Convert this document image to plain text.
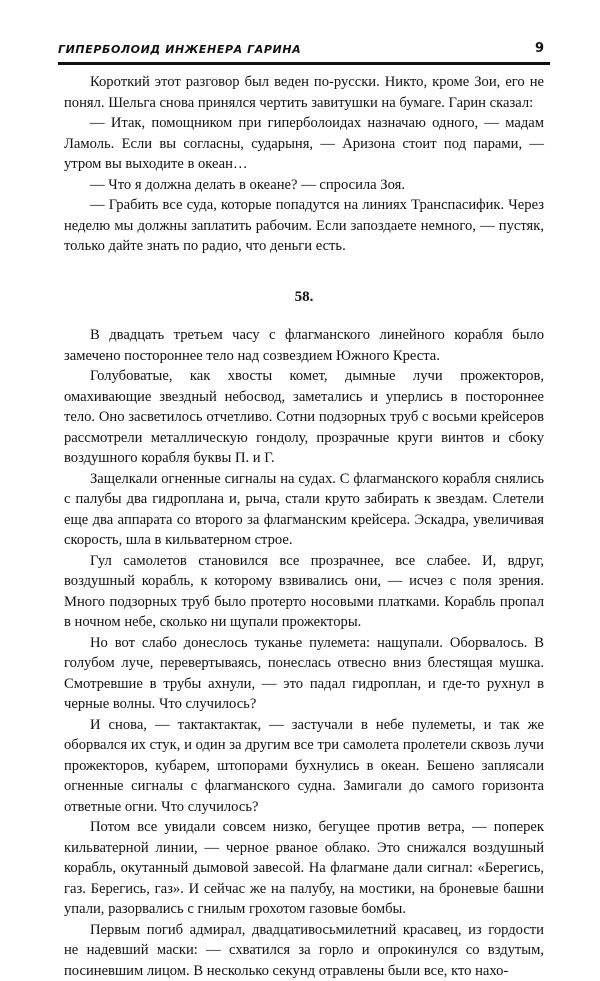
ГИПЕРБОЛОИД ИНЖЕНЕРА ГАРИНА	9

Короткий этот разговор был веден по-русски. Никто, кроме Зои, его не понял. Шельга снова принялся чертить завитушки на бумаге. Гарин сказал:

— Итак, помощником при гиперболоидах назначаю одного, — мадам Ламоль. Если вы согласны, сударыня, — Аризона стоит под парами, — утром вы выходите в океан…

— Что я должна делать в океане? — спросила Зоя.

— Грабить все суда, которые попадутся на линиях Транспасифик. Через неделю мы должны заплатить рабочим. Если запоздаете немного, — пустяк, только дайте знать по радио, что деньги есть.

58.

В двадцать третьем часу с флагманского линейного корабля было замечено постороннее тело над созвездием Южного Креста.

Голубоватые, как хвосты комет, дымные лучи прожекторов, омахивающие звездный небосвод, заметались и уперлись в постороннее тело. Оно засветилось отчетливо. Сотни подзорных труб с восьми крейсеров рассмотрели металлическую гондолу, прозрачные круги винтов и сбоку воздушного корабля буквы П. и Г.

Защелкали огненные сигналы на судах. С флагманского корабля снялись с палубы два гидроплана и, рыча, стали круто забирать к звездам. Слетели еще два аппарата со второго за флагманским крейсера. Эскадра, увеличивая скорость, шла в кильватерном строе.

Гул самолетов становился все прозрачнее, все слабее. И, вдруг, воздушный корабль, к которому взвивались они, — исчез с поля зрения. Много подзорных труб было протерто носовыми платками. Корабль пропал в ночном небе, сколько ни щупали прожекторы.

Но вот слабо донеслось туканье пулемета: нащупали. Оборвалось. В голубом луче, перевертываясь, понеслась отвесно вниз блестящая мушка. Смотревшие в трубы ахнули, — это падал гидроплан, и где-то рухнул в черные волны. Что случилось?

И снова, — тактактактак, — застучали в небе пулеметы, и так же оборвался их стук, и один за другим все три самолета пролетели сквозь лучи прожекторов, кубарем, штопорами бухнулись в океан. Бешено заплясали огненные сигналы с флагманского судна. Замигали до самого горизонта ответные огни. Что случилось?

Потом все увидали совсем низко, бегущее против ветра, — поперек кильватерной линии, — черное рваное облако. Это снижался воздушный корабль, окутанный дымовой завесой. На флагмане дали сигнал: «Берегись, газ. Берегись, газ». И сейчас же на палубу, на мостики, на броневые башни упали, разорвались с гнилым грохотом газовые бомбы.

Первым погиб адмирал, двадцативосьмилетний красавец, из гордости не надевший маски: — схватился за горло и опрокинулся со вздутым, посиневшим лицом. В несколько секунд отравлены были все, кто нахо-
